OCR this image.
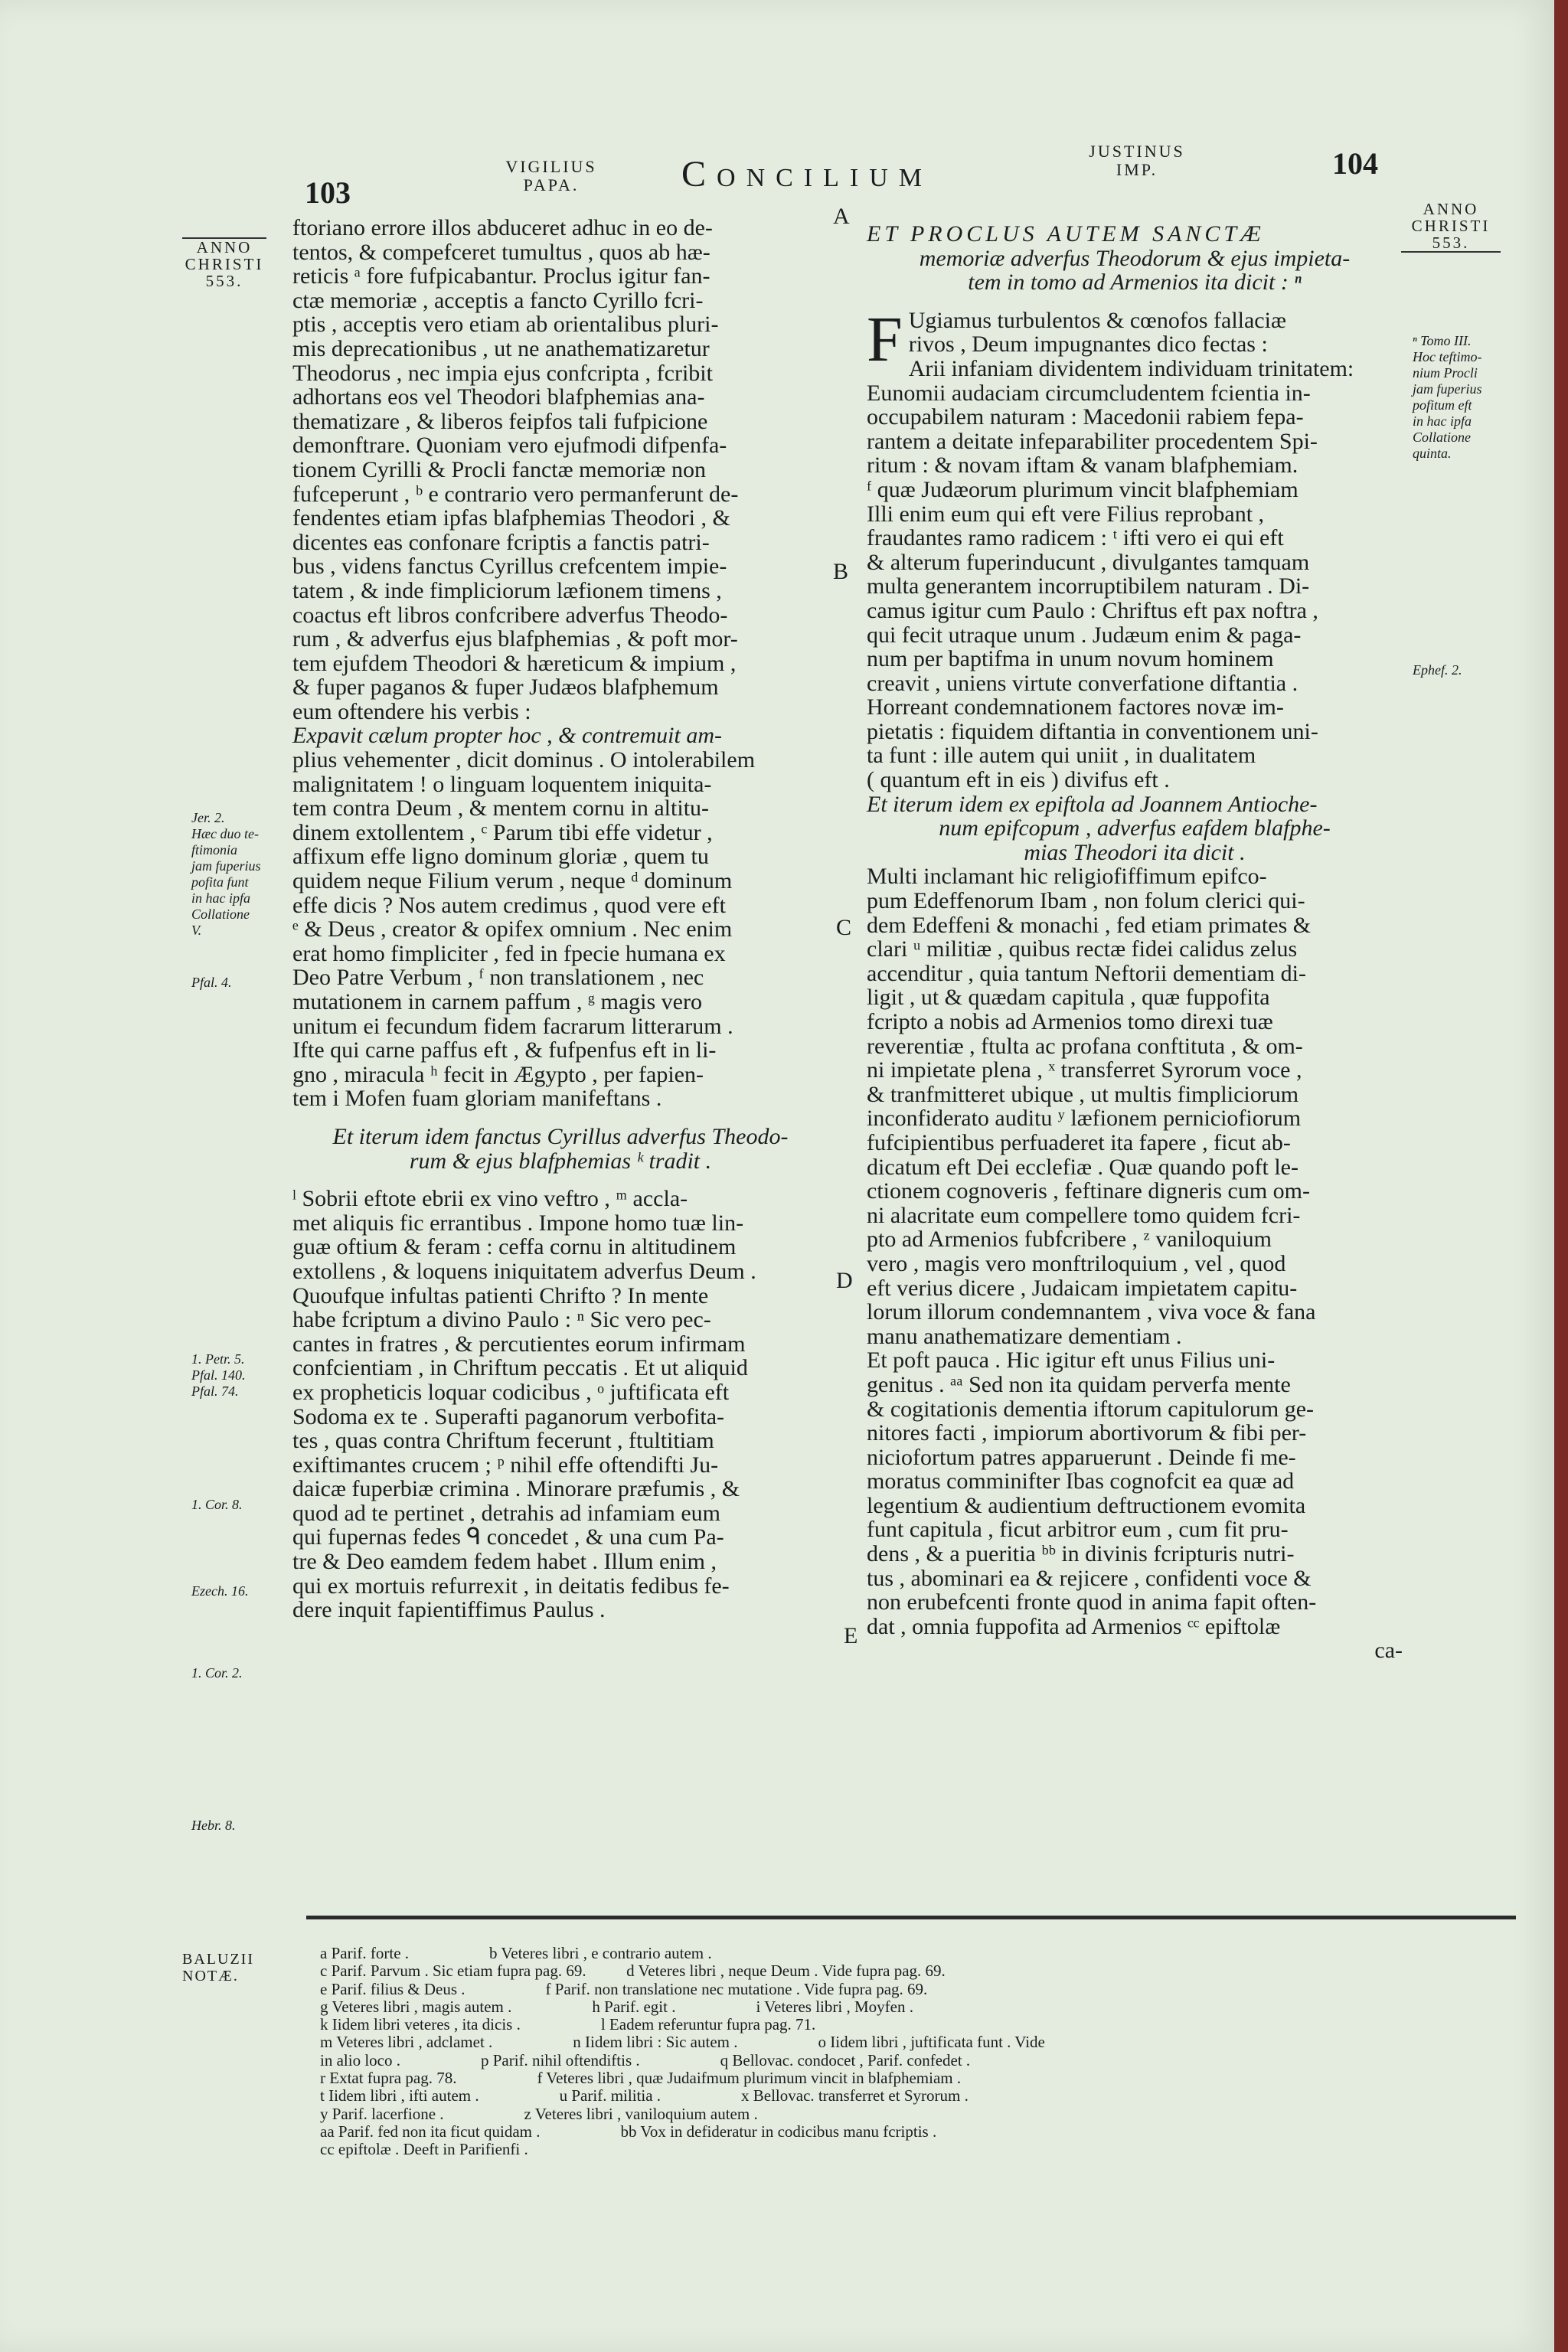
103
VIGILIUS
PAPA.	Concilium
JUSTINUS
IMP.	104
ANNO
CHRISTI
553.
ANNO
CHRISTI
553.
A
B
C
D
E

ftoriano errore illos abduceret adhuc in eo de-

tentos, & compefceret tumultus , quos ab hæ-

reticis ᵃ fore fufpicabantur. Proclus igitur fan-

ctæ memoriæ , acceptis a fancto Cyrillo fcri-

ptis , acceptis vero etiam ab orientalibus pluri-

mis deprecationibus , ut ne anathematizaretur

Theodorus , nec impia ejus confcripta , fcribit

adhortans eos vel Theodori blafphemias ana-

thematizare , & liberos feipfos tali fufpicione

demonftrare. Quoniam vero ejufmodi difpenfa-

tionem Cyrilli & Procli fanctæ memoriæ non

fufceperunt , ᵇ e contrario vero permanferunt de-

fendentes etiam ipfas blafphemias Theodori , &

dicentes eas confonare fcriptis a fanctis patri-

bus , videns fanctus Cyrillus crefcentem impie-

tatem , & inde fimpliciorum læfionem timens ,

coactus eft libros confcribere adverfus Theodo-

rum , & adverfus ejus blafphemias , & poft mor-

tem ejufdem Theodori & hæreticum & impium ,

& fuper paganos & fuper Judæos blafphemum

eum oftendere his verbis :

Expavit cælum propter hoc , & contremuit am-

plius vehementer , dicit dominus . O intolerabilem

malignitatem ! o linguam loquentem iniquita-

tem contra Deum , & mentem cornu in altitu-

dinem extollentem , ᶜ Parum tibi effe videtur ,

affixum effe ligno dominum gloriæ , quem tu

quidem neque Filium verum , neque ᵈ dominum

effe dicis ? Nos autem credimus , quod vere eft

ᵉ & Deus , creator & opifex omnium . Nec enim

erat homo fimpliciter , fed in fpecie humana ex

Deo Patre Verbum , ᶠ non translationem , nec

mutationem in carnem paffum , ᵍ magis vero

unitum ei fecundum fidem facrarum litterarum .

Ifte qui carne paffus eft , & fufpenfus eft in li-

gno , miracula ʰ fecit in Ægypto , per fapien-

tem i Mofen fuam gloriam manifeftans .

Et iterum idem fanctus Cyrillus adverfus Theodo-

rum & ejus blafphemias ᵏ tradit .

ˡ Sobrii eftote ebrii ex vino veftro , ᵐ accla-

met aliquis fic errantibus . Impone homo tuæ lin-

guæ oftium & feram : ceffa cornu in altitudinem

extollens , & loquens iniquitatem adverfus Deum .

Quoufque infultas patienti Chrifto ? In mente

habe fcriptum a divino Paulo : ⁿ Sic vero pec-

cantes in fratres , & percutientes eorum infirmam

confcientiam , in Chriftum peccatis . Et ut aliquid

ex propheticis loquar codicibus , ᵒ juftificata eft

Sodoma ex te . Superafti paganorum verbofita-

tes , quas contra Chriftum fecerunt , ftultitiam

exiftimantes crucem ; ᵖ nihil effe oftendifti Ju-

daicæ fuperbiæ crimina . Minorare præfumis , &

quod ad te pertinet , detrahis ad infamiam eum

qui fupernas fedes ᑫ concedet , & una cum Pa-

tre & Deo eamdem fedem habet . Illum enim ,

qui ex mortuis refurrexit , in deitatis fedibus fe-

dere inquit fapientiffimus Paulus .

ET PROCLUS AUTEM SANCTÆ

memoriæ adverfus Theodorum & ejus impieta-

tem in tomo ad Armenios ita dicit : ⁿ

F Ugiamus turbulentos & cœnofos fallaciæ

rivos , Deum impugnantes dico fectas :

Arii infaniam dividentem individuam trinitatem:

Eunomii audaciam circumcludentem fcientia in-

occupabilem naturam : Macedonii rabiem fepa-

rantem a deitate infeparabiliter procedentem Spi-

ritum : & novam iftam & vanam blafphemiam.

ᶠ quæ Judæorum plurimum vincit blafphemiam

Illi enim eum qui eft vere Filius reprobant ,

fraudantes ramo radicem : ᵗ ifti vero ei qui eft

& alterum fuperinducunt , divulgantes tamquam

multa generantem incorruptibilem naturam . Di-

camus igitur cum Paulo : Chriftus eft pax noftra ,

qui fecit utraque unum . Judæum enim & paga-

num per baptifma in unum novum hominem

creavit , uniens virtute converfatione diftantia .

Horreant condemnationem factores novæ im-

pietatis : fiquidem diftantia in conventionem uni-

ta funt : ille autem qui uniit , in dualitatem

( quantum eft in eis ) divifus eft .

Et iterum idem ex epiftola ad Joannem Antioche-

num epifcopum , adverfus eafdem blafphe-

mias Theodori ita dicit .

Multi inclamant hic religiofiffimum epifco-

pum Edeffenorum Ibam , non folum clerici qui-

dem Edeffeni & monachi , fed etiam primates &

clari ᵘ militiæ , quibus rectæ fidei calidus zelus

accenditur , quia tantum Neftorii dementiam di-

ligit , ut & quædam capitula , quæ fuppofita

fcripto a nobis ad Armenios tomo direxi tuæ

reverentiæ , ftulta ac profana conftituta , & om-

ni impietate plena , ˣ transferret Syrorum voce ,

& tranfmitteret ubique , ut multis fimpliciorum

inconfiderato auditu ʸ læfionem perniciofiorum

fufcipientibus perfuaderet ita fapere , ficut ab-

dicatum eft Dei ecclefiæ . Quæ quando poft le-

ctionem cognoveris , feftinare digneris cum om-

ni alacritate eum compellere tomo quidem fcri-

pto ad Armenios fubfcribere , ᶻ vaniloquium

vero , magis vero monftriloquium , vel , quod

eft verius dicere , Judaicam impietatem capitu-

lorum illorum condemnantem , viva voce & fana

manu anathematizare dementiam .

Et poft pauca . Hic igitur eft unus Filius uni-

genitus . ᵃᵃ Sed non ita quidam perverfa mente

& cogitationis dementia iftorum capitulorum ge-

nitores facti , impiorum abortivorum & fibi per-

niciofortum patres apparuerunt . Deinde fi me-

moratus comminifter Ibas cognofcit ea quæ ad

legentium & audientium deftructionem evomita

funt capitula , ficut arbitror eum , cum fit pru-

dens , & a pueritia ᵇᵇ in divinis fcripturis nutri-

tus , abominari ea & rejicere , confidenti voce &

non erubefcenti fronte quod in anima fapit often-

dat , omnia fuppofita ad Armenios ᶜᶜ epiftolæ

ca-

Jer. 2.
Hæc duo te-
ftimonia
jam fuperius
pofita funt
in hac ipfa
Collatione
V.
Pfal. 4.
1. Petr. 5.
Pfal. 140.
Pfal. 74.
1. Cor. 8.
Ezech. 16.
1. Cor. 2.
Hebr. 8.
ⁿ Tomo III.
Hoc teftimo-
nium Procli
jam fuperius
pofitum eft
in hac ipfa
Collatione
quinta.
Ephef. 2.
BALUZII
NOTÆ.
a Parif. forte .                    b Veteres libri , e contrario autem .
c Parif. Parvum . Sic etiam fupra pag. 69.          d Veteres libri , neque Deum . Vide fupra pag. 69.
e Parif. filius & Deus .                    f Parif. non translatione nec mutatione . Vide fupra pag. 69.
g Veteres libri , magis autem .                    h Parif. egit .                    i Veteres libri , Moyfen .
k Iidem libri veteres , ita dicis .                    l Eadem referuntur fupra pag. 71.
m Veteres libri , adclamet .                    n Iidem libri : Sic autem .                    o Iidem libri , juftificata funt . Vide
in alio loco .                    p Parif. nihil oftendiftis .                    q Bellovac. condocet , Parif. confedet .
r Extat fupra pag. 78.                    f Veteres libri , quæ Judaifmum plurimum vincit in blafphemiam .
t Iidem libri , ifti autem .                    u Parif. militia .                    x Bellovac. transferret et Syrorum .
y Parif. lacerfione .                    z Veteres libri , vaniloquium autem .
aa Parif. fed non ita ficut quidam .                    bb Vox in defideratur in codicibus manu fcriptis .
cc epiftolæ . Deeft in Parifienfi .
